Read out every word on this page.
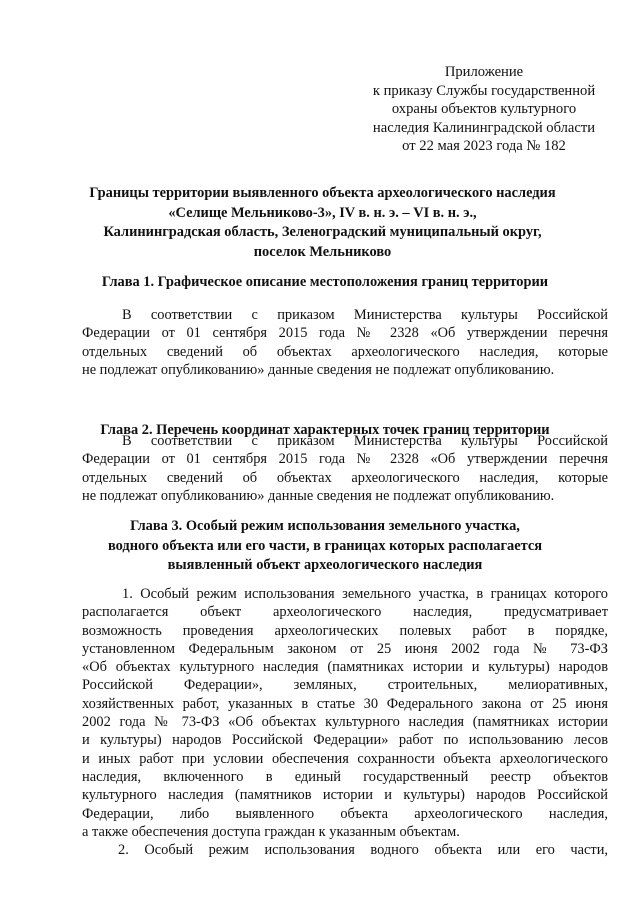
Приложение
к приказу Службы государственной
охраны объектов культурного
наследия Калининградской области
от 22 мая 2023 года № 182
Границы территории выявленного объекта археологического наследия
«Селище Мельниково-3», IV в. н. э. – VI в. н. э.,
Калининградская область, Зеленоградский муниципальный округ,
поселок Мельниково
Глава 1. Графическое описание местоположения границ территории
В соответствии с приказом Министерства культуры Российской
Федерации от 01 сентября 2015 года № 2328 «Об утверждении перечня
отдельных сведений об объектах археологического наследия, которые
не подлежат опубликованию» данные сведения не подлежат опубликованию.
Глава 2. Перечень координат характерных точек границ территории
В соответствии с приказом Министерства культуры Российской
Федерации от 01 сентября 2015 года № 2328 «Об утверждении перечня
отдельных сведений об объектах археологического наследия, которые
не подлежат опубликованию» данные сведения не подлежат опубликованию.
Глава 3. Особый режим использования земельного участка,
водного объекта или его части, в границах которых располагается
выявленный объект археологического наследия
1. Особый режим использования земельного участка, в границах которого
располагается объект археологического наследия, предусматривает
возможность проведения археологических полевых работ в порядке,
установленном Федеральным законом от 25 июня 2002 года № 73-ФЗ
«Об объектах культурного наследия (памятниках истории и культуры) народов
Российской Федерации», земляных, строительных, мелиоративных,
хозяйственных работ, указанных в статье 30 Федерального закона от 25 июня
2002 года № 73-ФЗ «Об объектах культурного наследия (памятниках истории
и культуры) народов Российской Федерации» работ по использованию лесов
и иных работ при условии обеспечения сохранности объекта археологического
наследия, включенного в единый государственный реестр объектов
культурного наследия (памятников истории и культуры) народов Российской
Федерации, либо выявленного объекта археологического наследия,
а также обеспечения доступа граждан к указанным объектам.
2. Особый режим использования водного объекта или его части,
